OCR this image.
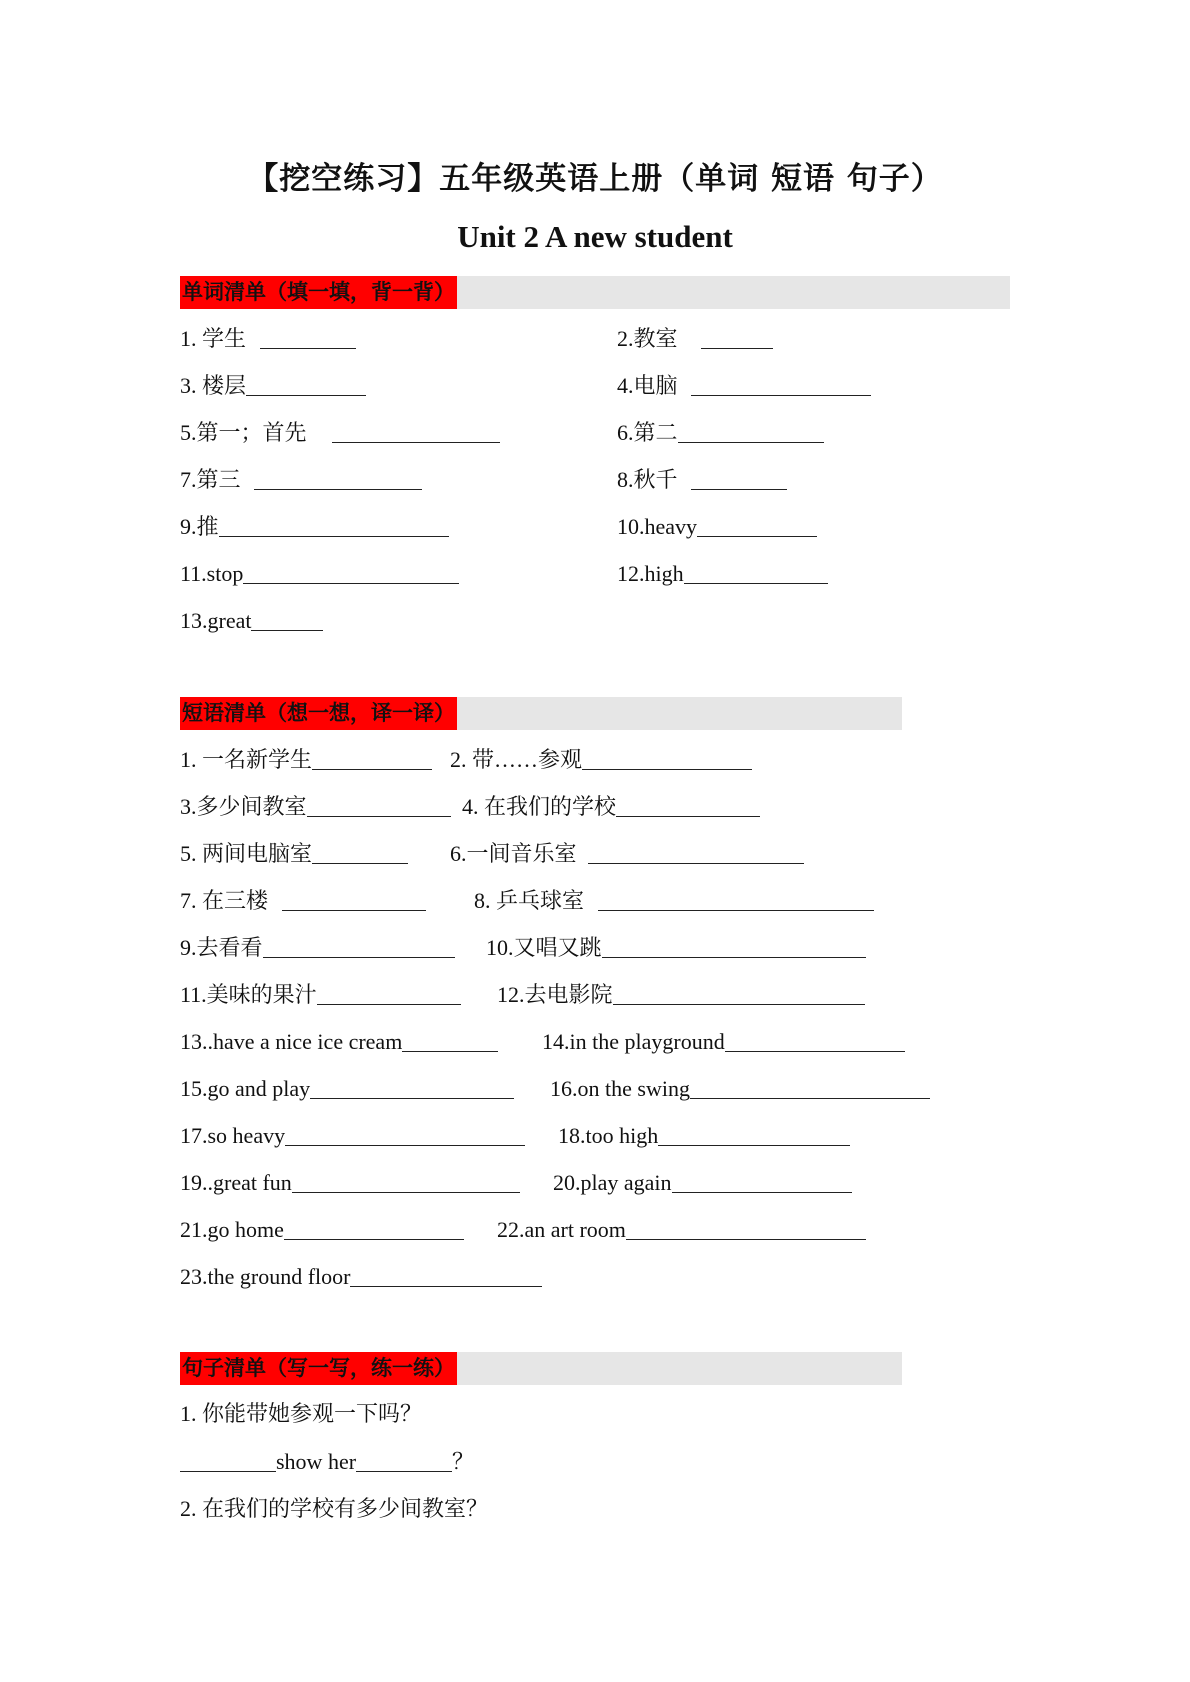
【挖空练习】五年级英语上册（单词 短语 句子）
Unit 2 A new student
单词清单（填一填，背一背）
1. 学生	2.教室
3. 楼层	4.电脑
5.第一；首先	6.第二
7.第三	8.秋千
9.推	10.heavy
11.stop	12.high
13.great
短语清单（想一想，译一译）
1. 一名新学生	2. 带……参观
3.多少间教室	4. 在我们的学校
5. 两间电脑室	6.一间音乐室
7. 在三楼	8. 乒乓球室
9.去看看	10.又唱又跳
11.美味的果汁	12.去电影院
13..have a nice ice cream	14.in the playground
15.go and play	16.on the swing
17.so heavy	18.too high
19..great fun	20.play again
21.go home	22.an art room
23.the ground floor
句子清单（写一写，练一练）
1. 你能带她参观一下吗？
show her	？
2. 在我们的学校有多少间教室？
